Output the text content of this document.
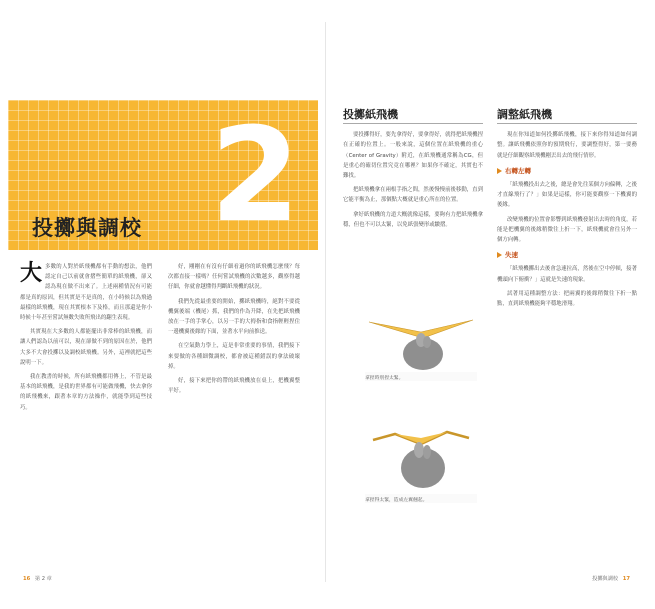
2
投擲與調校

大多數的人對於紙飛機都有手動的想法，他們認定自己以前就會摺些簡單的紙飛機，卻又認為現在做不出來了。上述兩種情況有可能都是真的原因，但其實是不是真的，在小時候以為飛過最樣的紙飛機，現在其實根本下及格，而且那還是你小時候十年甚至嘗試無數失敗所飛出的翻生表現。

其實現在大多數的人都能擺出非常棒的紙飛機，而讓人們認為以前可以，現在卻做不到的原因在於，他們大多不大會投擲以及調校紙飛機。另外，這裡就把這些說明一下。

我在教書的時候，所有紙飛機都用傳上，不管是最基本的紙飛機，是我的世界都有可能做飛機，快去拿你的紙飛機來，跟著本章的方法操作，就能學到這些技巧。

好，剛剛在有沒有仔細看過你的紙飛機怎麼飛？每次都直接一樣嗎？任何嘗試飛機的次數越多，觀察得越仔細，你就會越懂得判斷紙飛機的狀況。

我們先從最重要的開始，擲紙飛機時，絕對不要從機翼後端（機尾）抓，我們的作為升降，在先把紙飛機放在一手的手掌心，以另一手的大拇指和食指輕輕捏住一邊機翼後緣的下面，並著水平向前推送。

在空氣動力學上，這是非常重要的事情，我們接下來要做的各種細微調校，都會被這種錯誤的拿法破壞掉。

好，接下來把你的帶的紙飛機放在桌上，把機翼整平好。

16 第 2 章
投擲紙飛機

要投擲得好，要先拿得好，要拿得好，就得把紙飛機捏在正確的位置上。一般來說，這個位置在紙飛機的重心（Center of Gravity）附近，在紙飛機通常稱為CG，但是重心的確切位置究竟在哪裡？如果你不確定，其實也不難找。

把紙飛機拿在兩根手指之間，然後慢慢前後移動，直到它能平衡為止，那個點大概就是重心所在的位置。

拿好紙飛機的力道大概就像這樣，要夠有力把紙飛機拿穩，但也不可以太緊，以免紙張變形或皺摺。

拿捏時別捏太緊。
拿捏得太緊，造成左翼翹起。
調整紙飛機

現在你知道如何投擲紙飛機，接下來你得知道如何調整。讓紙飛機依照你的預期飛行，要調整得好，第一要務就是仔細觀察紙飛機剛丟出去的飛行情形。

右轉左轉

「紙飛機投出去之後，總是會先往某個方向偏轉，之後才直線飛行了？」如果是這樣，你可能要觀察一下機翼的後緣。

改變飛機的位置會影響到紙飛機發射出去時的角度，若能是把機翼的後緣稍微往上折一下，紙飛機就會往另外一個方向轉。

失速

「紙飛機擲出去後會急速拉高，然後在空中停頓，接著機頭向下俯衝？」這就是失速的現象。

試著用這種調整方法：把兩翼的後緣稍微往下折一點點，直到紙飛機能夠平穩地滑翔。

投擲與調校 17
